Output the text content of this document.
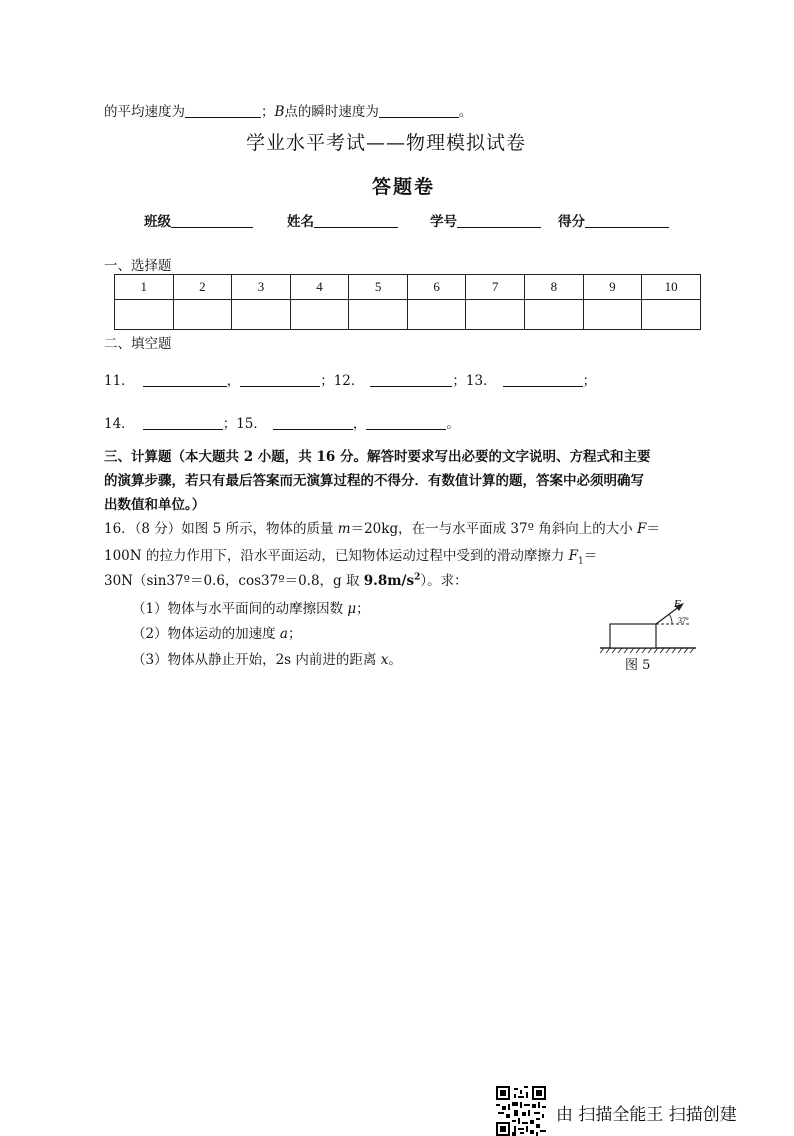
的平均速度为	；B点的瞬时速度为	。
学业水平考试——物理模拟试卷
答题卷
班级	姓名	学号	得分
一、选择题
1	2	3	4	5	6	7	8	9	10

二、填空题
11．	，	；12．	；13．	；
14．	；15．	，	。
三、计算题（本大题共 2 小题，共 16 分。解答时要求写出必要的文字说明、方程式和主要
的演算步骤，若只有最后答案而无演算过程的不得分．有数值计算的题，答案中必须明确写
出数值和单位。）
16．（8 分）如图 5 所示，物体的质量 m＝20kg，在一与水平面成 37º 角斜向上的大小 F＝
100N 的拉力作用下，沿水平面运动，已知物体运动过程中受到的滑动摩擦力 $F_1=$
30N（sin37º＝0.6，cos37º＝0.8，g 取 $9.8m/s^2$）。求：
（1）物体与水平面间的动摩擦因数 μ；
（2）物体运动的加速度 a；
（3）物体从静止开始，2s 内前进的距离 x。
F
37º
图 5
由 扫描全能王 扫描创建
